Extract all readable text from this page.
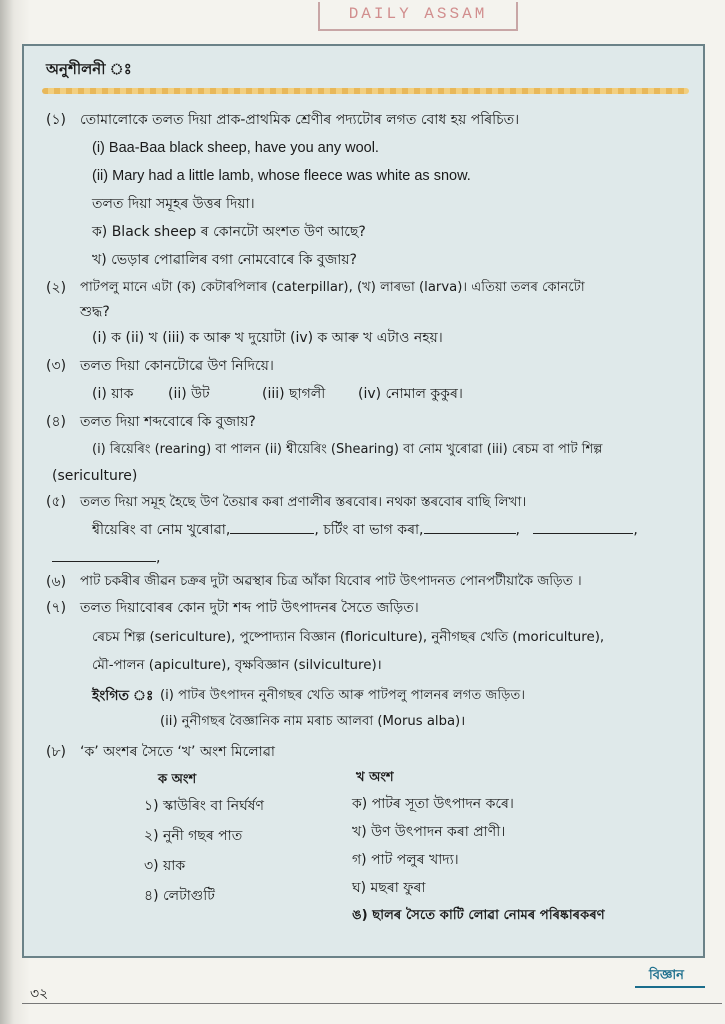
DAILY ASSAM
অনুশীলনী ঃ
(১) তোমালোকে তলত দিয়া প্ৰাক-প্ৰাথমিক শ্ৰেণীৰ পদ্যটোৰ লগত বোধ হয় পৰিচিত।
(i) Baa-Baa black sheep, have you any wool.
(ii) Mary had a little lamb, whose fleece was white as snow.
তলত দিয়া সমূহৰ উত্তৰ দিয়া।
ক) Black sheep ৰ কোনটো অংশত উণ আছে?
খ) ভেড়াৰ পোৱালিৰ বগা নোমবোৰে কি বুজায়?
(২) পাটপলু মানে এটা (ক) কেটাৰপিলাৰ (caterpillar), (খ) লাৰভা (larva)। এতিয়া তলৰ কোনটো
শুদ্ধ?
(i) ক (ii) খ (iii) ক আৰু খ দুয়োটা (iv) ক আৰু খ এটাও নহয়।
(৩) তলত দিয়া কোনটোৱে উণ নিদিয়ে।
(i) য়াক (ii) উট	(iii) ছাগলী (iv) নোমাল কুকুৰ।
(৪) তলত দিয়া শব্দবোৰে কি বুজায়?
(i) ৰিয়েৰিং (rearing) বা পালন (ii) শ্বীয়েৰিং (Shearing) বা নোম খুৰোৱা (iii) ৰেচম বা পাট শিল্প
(sericulture)
(৫) তলত দিয়া সমূহ হৈছে উণ তৈয়াৰ কৰা প্ৰণালীৰ স্তৰবোৰ। নথকা স্তৰবোৰ বাছি লিখা।
শ্বীয়েৰিং বা নোম খুৰোৱা,	, চৰ্টিং বা ভাগ কৰা,	,	,
,
(৬) পাট চকৰীৰ জীৱন চক্ৰৰ দুটা অৱস্থাৰ চিত্ৰ আঁকা যিবোৰ পাট উৎপাদনত পোনপটীয়াকৈ জড়িত ।
(৭) তলত দিয়াবোৰৰ কোন দুটা শব্দ পাট উৎপাদনৰ সৈতে জড়িত।
ৰেচম শিল্প (sericulture), পুষ্পোদ্যান বিজ্ঞান (floriculture), নুনীগছৰ খেতি (moriculture),
মৌ-পালন (apiculture), বৃক্ষবিজ্ঞান (silviculture)।
ইংগিত ঃ (i) পাটৰ উৎপাদন নুনীগছৰ খেতি আৰু পাটপলু পালনৰ লগত জড়িত।
(ii) নুনীগছৰ বৈজ্ঞানিক নাম মৰাচ আলবা (Morus alba)।
(৮) ‘ক’ অংশৰ সৈতে ‘খ’ অংশ মিলোৱা
ক অংশ	খ অংশ
১) স্কাউৰিং বা নিৰ্ঘৰ্ষণ
২) নুনী গছৰ পাত
৩) য়াক
৪) লেটাগুটি
ক) পাটৰ সূতা উৎপাদন কৰে।
খ) উণ উৎপাদন কৰা প্ৰাণী।
গ) পাট পলুৰ খাদ্য।
ঘ) মছৰা ফুৰা
ঙ) ছালৰ সৈতে কাটি লোৱা নোমৰ পৰিষ্কাৰকৰণ
বিজ্ঞান
৩২
